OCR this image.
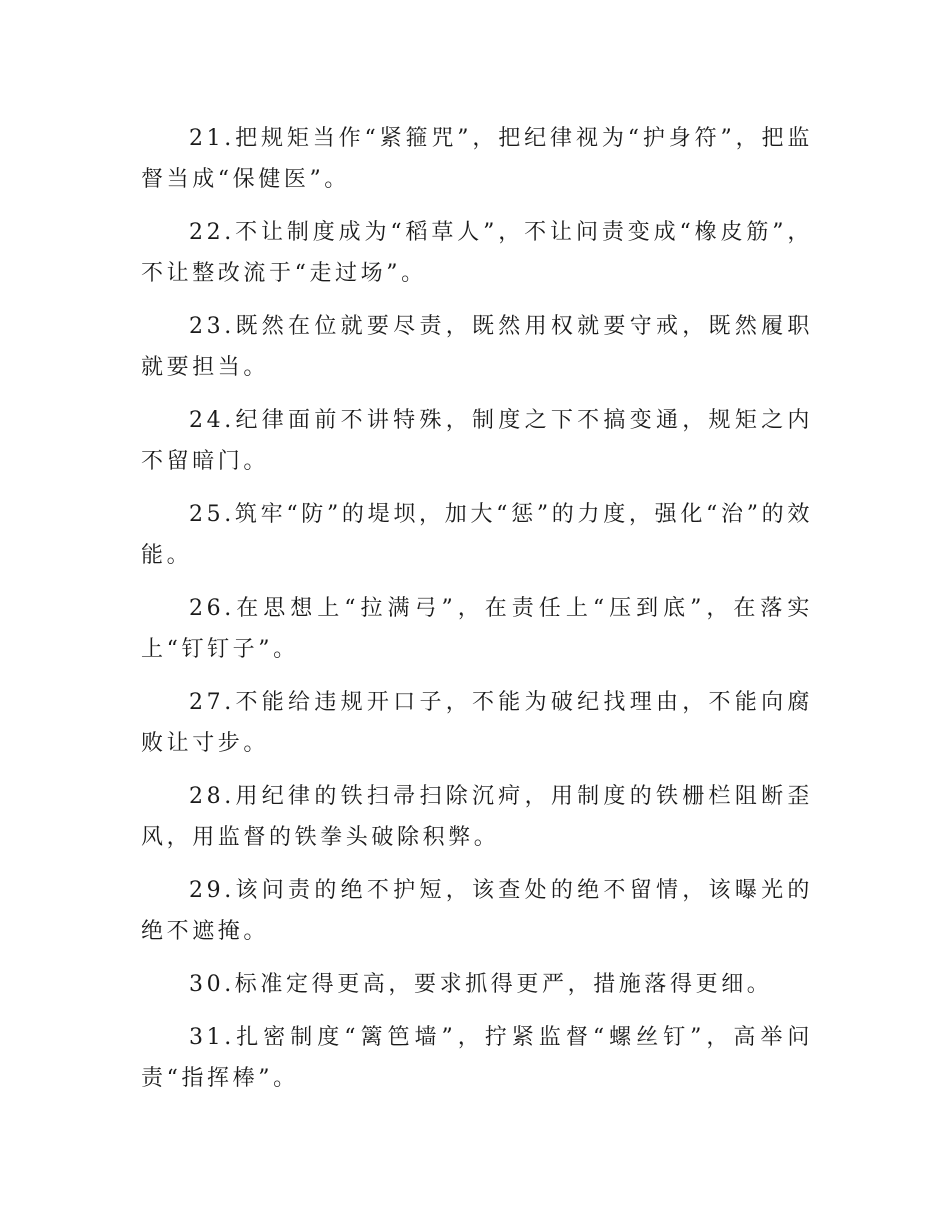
21.把规矩当作“紧箍咒”，把纪律视为“护身符”，把监督当成“保健医”。

22.不让制度成为“稻草人”，不让问责变成“橡皮筋”，不让整改流于“走过场”。

23.既然在位就要尽责，既然用权就要守戒，既然履职就要担当。

24.纪律面前不讲特殊，制度之下不搞变通，规矩之内不留暗门。

25.筑牢“防”的堤坝，加大“惩”的力度，强化“治”的效能。

26.在思想上“拉满弓”，在责任上“压到底”，在落实上“钉钉子”。

27.不能给违规开口子，不能为破纪找理由，不能向腐败让寸步。

28.用纪律的铁扫帚扫除沉疴，用制度的铁栅栏阻断歪风，用监督的铁拳头破除积弊。

29.该问责的绝不护短，该查处的绝不留情，该曝光的绝不遮掩。

30.标准定得更高，要求抓得更严，措施落得更细。

31.扎密制度“篱笆墙”，拧紧监督“螺丝钉”，高举问责“指挥棒”。
